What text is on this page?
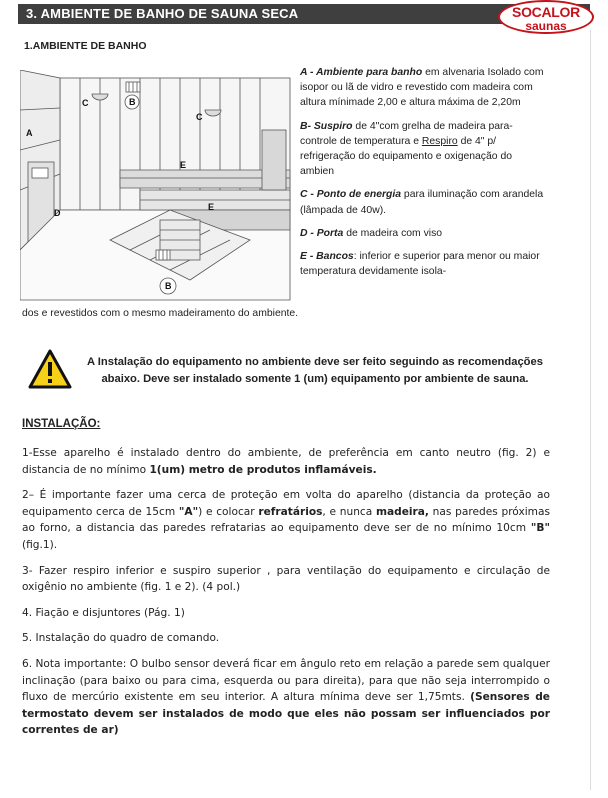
3. AMBIENTE DE BANHO DE SAUNA SECA	SOCALOR
saunas
1.AMBIENTE DE BANHO
A
B
B
C
C
D
E
E

A - Ambiente para banho em alvenaria Isolado com isopor ou lã de vidro e revestido com madeira com altura mínimade 2,00 e altura máxima de 2,20m

B- Suspiro de 4"com grelha de madeira para-controle de temperatura e Respiro de 4" p/ refrigeração do equipamento e oxigenação do ambien

C - Ponto de energia para iluminação com arandela (lâmpada de 40w).

D - Porta de madeira com viso

E - Bancos: inferior e superior para menor ou maior temperatura devidamente isola-

dos e revestidos com o mesmo madeiramento do ambiente.
A Instalação do equipamento no ambiente deve ser feito seguindo as recomendações abaixo. Deve ser instalado somente 1 (um) equipamento por ambiente de sauna.
INSTALAÇÃO:

1-Esse aparelho é instalado dentro do ambiente, de preferência em canto neutro (fig. 2) e distancia de no mínimo 1(um) metro de produtos inflamáveis.

2– É importante fazer uma cerca de proteção em volta do aparelho (distancia da proteção ao equipamento cerca de 15cm "A") e colocar refratários, e nunca madeira, nas paredes próximas ao forno, a distancia das paredes refratarias ao equipamento deve ser de no mínimo 10cm "B"(fig.1).

3- Fazer respiro inferior e suspiro superior , para ventilação do equipamento e circulação de oxigênio no ambiente (fig. 1 e 2). (4 pol.)

4. Fiação e disjuntores (Pág. 1)

5. Instalação do quadro de comando.

6. Nota importante: O bulbo sensor deverá ficar em ângulo reto em relação a parede sem qualquer inclinação (para baixo ou para cima, esquerda ou para direita), para que não seja interrompido o fluxo de mercúrio existente em seu interior. A altura mínima deve ser 1,75mts. (Sensores de termostato devem ser instalados de modo que eles não possam ser influenciados por correntes de ar)
